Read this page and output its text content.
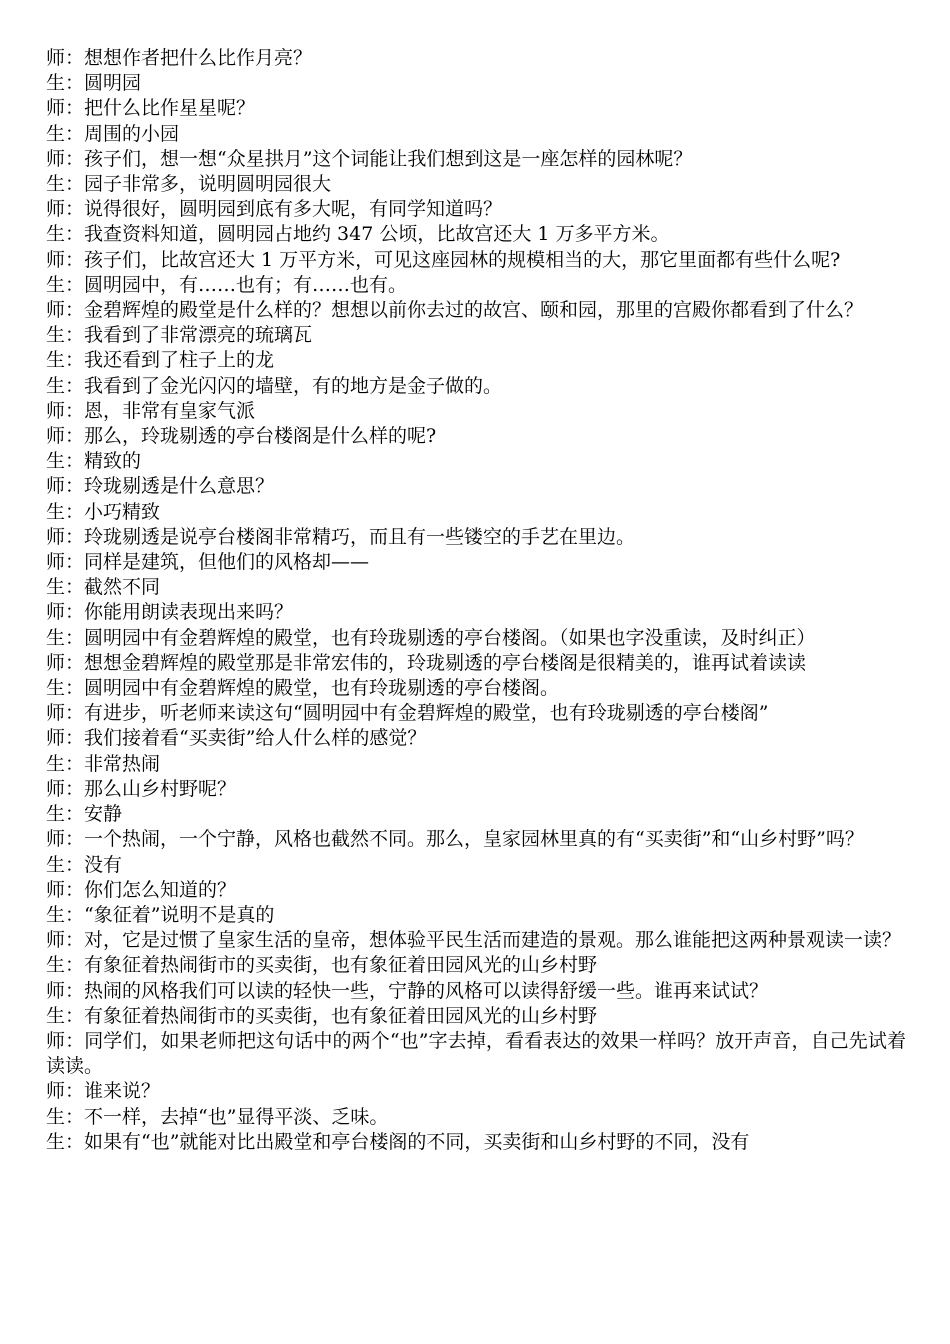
师：想想作者把什么比作月亮？
生：圆明园
师：把什么比作星星呢？
生：周围的小园
师：孩子们，想一想“众星拱月”这个词能让我们想到这是一座怎样的园林呢？
生：园子非常多，说明圆明园很大
师：说得很好，圆明园到底有多大呢，有同学知道吗？
生：我查资料知道，圆明园占地约 347 公顷，比故宫还大 1 万多平方米。
师：孩子们，比故宫还大 1 万平方米，可见这座园林的规模相当的大，那它里面都有些什么呢?
生：圆明园中，有……也有；有……也有。
师：金碧辉煌的殿堂是什么样的？想想以前你去过的故宫、颐和园，那里的宫殿你都看到了什么？
生：我看到了非常漂亮的琉璃瓦
生：我还看到了柱子上的龙
生：我看到了金光闪闪的墙壁，有的地方是金子做的。
师：恩，非常有皇家气派
师：那么，玲珑剔透的亭台楼阁是什么样的呢?
生：精致的
师：玲珑剔透是什么意思？
生：小巧精致
师：玲珑剔透是说亭台楼阁非常精巧，而且有一些镂空的手艺在里边。
师：同样是建筑，但他们的风格却——
生：截然不同
师：你能用朗读表现出来吗？
生：圆明园中有金碧辉煌的殿堂，也有玲珑剔透的亭台楼阁。（如果也字没重读，及时纠正）
师：想想金碧辉煌的殿堂那是非常宏伟的，玲珑剔透的亭台楼阁是很精美的，谁再试着读读
生：圆明园中有金碧辉煌的殿堂，也有玲珑剔透的亭台楼阁。
师：有进步，听老师来读这句“圆明园中有金碧辉煌的殿堂，也有玲珑剔透的亭台楼阁”
师：我们接着看“买卖街”给人什么样的感觉？
生：非常热闹
师：那么山乡村野呢？
生：安静
师：一个热闹，一个宁静，风格也截然不同。那么，皇家园林里真的有“买卖街”和“山乡村野”吗？
生：没有
师：你们怎么知道的？
生：“象征着”说明不是真的
师：对，它是过惯了皇家生活的皇帝，想体验平民生活而建造的景观。那么谁能把这两种景观读一读？
生：有象征着热闹街市的买卖街，也有象征着田园风光的山乡村野
师：热闹的风格我们可以读的轻快一些，宁静的风格可以读得舒缓一些。谁再来试试？
生：有象征着热闹街市的买卖街，也有象征着田园风光的山乡村野
师：同学们，如果老师把这句话中的两个“也”字去掉，看看表达的效果一样吗？放开声音，自己先试着读读。
师：谁来说？
生：不一样，去掉“也”显得平淡、乏味。
生：如果有“也”就能对比出殿堂和亭台楼阁的不同，买卖街和山乡村野的不同，没有
